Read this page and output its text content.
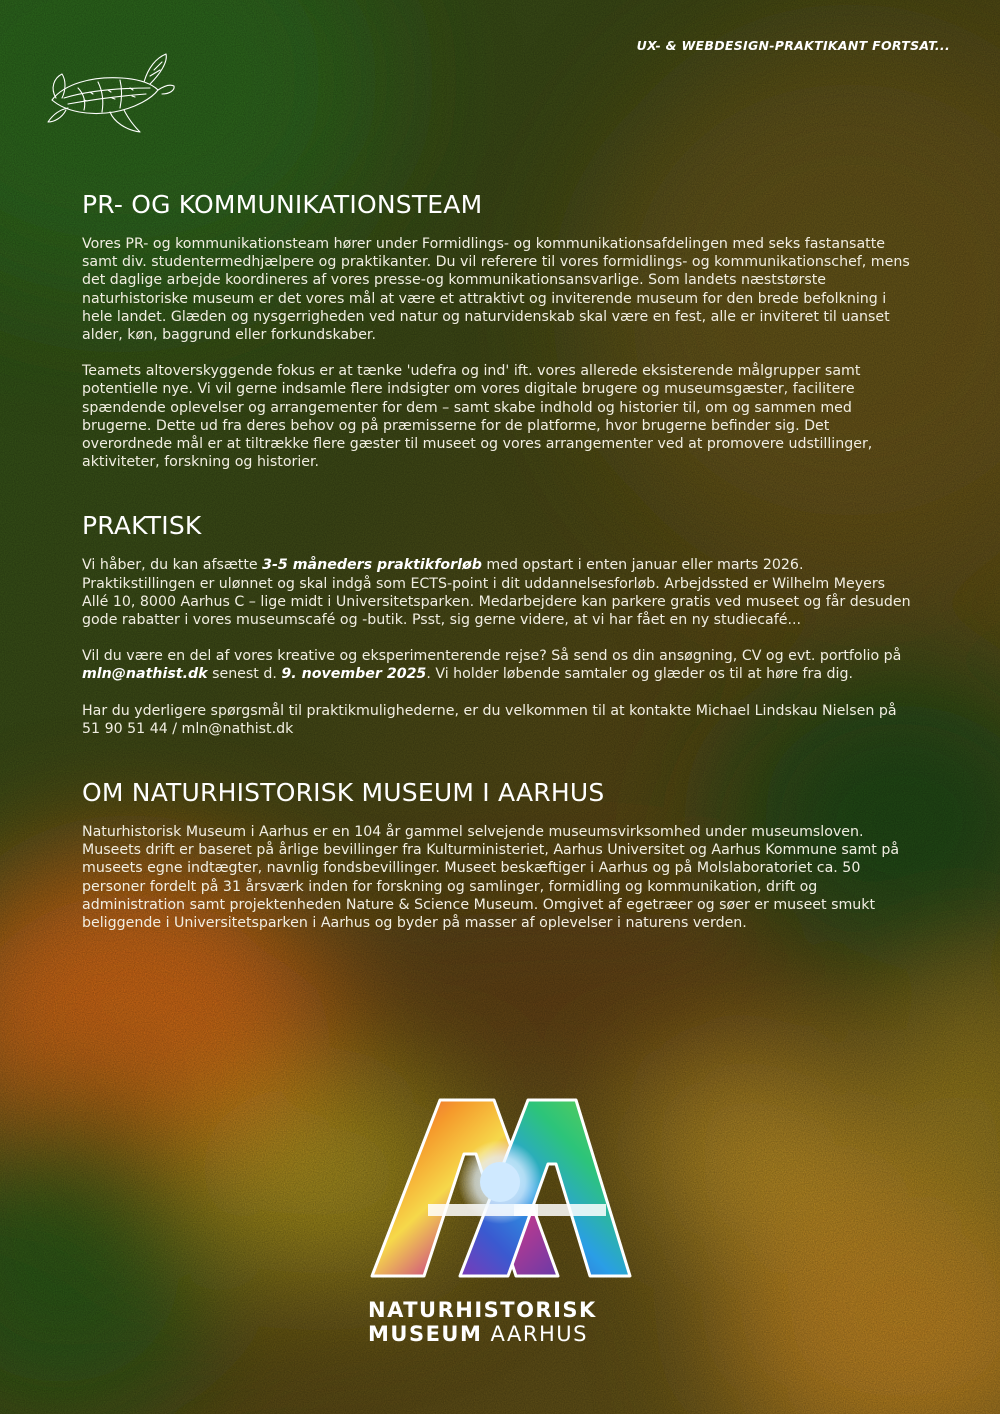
UX- & WEBDESIGN-PRAKTIKANT FORTSAT...
PR- OG KOMMUNIKATIONSTEAM

Vores PR- og kommunikationsteam hører under Formidlings- og kommunikationsafdelingen med seks fastansatte samt div. studentermedhjælpere og praktikanter. Du vil referere til vores formidlings- og kommunikationschef, mens det daglige arbejde koordineres af vores presse-og kommunikationsansvarlige. Som landets næststørste naturhistoriske museum er det vores mål at være et attraktivt og inviterende museum for den brede befolkning i hele landet. Glæden og nysgerrigheden ved natur og naturvidenskab skal være en fest, alle er inviteret til uanset alder, køn, baggrund eller forkundskaber.

Teamets altoverskyggende fokus er at tænke 'udefra og ind' ift. vores allerede eksisterende målgrupper samt potentielle nye. Vi vil gerne indsamle flere indsigter om vores digitale brugere og museumsgæster, facilitere spændende oplevelser og arrangementer for dem – samt skabe indhold og historier til, om og sammen med brugerne. Dette ud fra deres behov og på præmisserne for de platforme, hvor brugerne befinder sig. Det overordnede mål er at tiltrække flere gæster til museet og vores arrangementer ved at promovere udstillinger, aktiviteter, forskning og historier.

PRAKTISK

Vi håber, du kan afsætte 3-5 måneders praktikforløb med opstart i enten januar eller marts 2026. Praktikstillingen er ulønnet og skal indgå som ECTS-point i dit uddannelsesforløb. Arbejdssted er Wilhelm Meyers Allé 10, 8000 Aarhus C – lige midt i Universitetsparken. Medarbejdere kan parkere gratis ved museet og får desuden gode rabatter i vores museumscafé og -butik. Psst, sig gerne videre, at vi har fået en ny studiecafé...

Vil du være en del af vores kreative og eksperimenterende rejse? Så send os din ansøgning, CV og evt. portfolio på mln@nathist.dk senest d. 9. november 2025. Vi holder løbende samtaler og glæder os til at høre fra dig.

Har du yderligere spørgsmål til praktikmulighederne, er du velkommen til at kontakte Michael Lindskau Nielsen på 51 90 51 44 / mln@nathist.dk

OM NATURHISTORISK MUSEUM I AARHUS

Naturhistorisk Museum i Aarhus er en 104 år gammel selvejende museumsvirksomhed under museumsloven. Museets drift er baseret på årlige bevillinger fra Kulturministeriet, Aarhus Universitet og Aarhus Kommune samt på museets egne indtægter, navnlig fondsbevillinger. Museet beskæftiger i Aarhus og på Molslaboratoriet ca. 50 personer fordelt på 31 årsværk inden for forskning og samlinger, formidling og kommunikation, drift og administration samt projektenheden Nature & Science Museum. Omgivet af egetræer og søer er museet smukt beliggende i Universitetsparken i Aarhus og byder på masser af oplevelser i naturens verden.

NATURHISTORISK
MUSEUM AARHUS
